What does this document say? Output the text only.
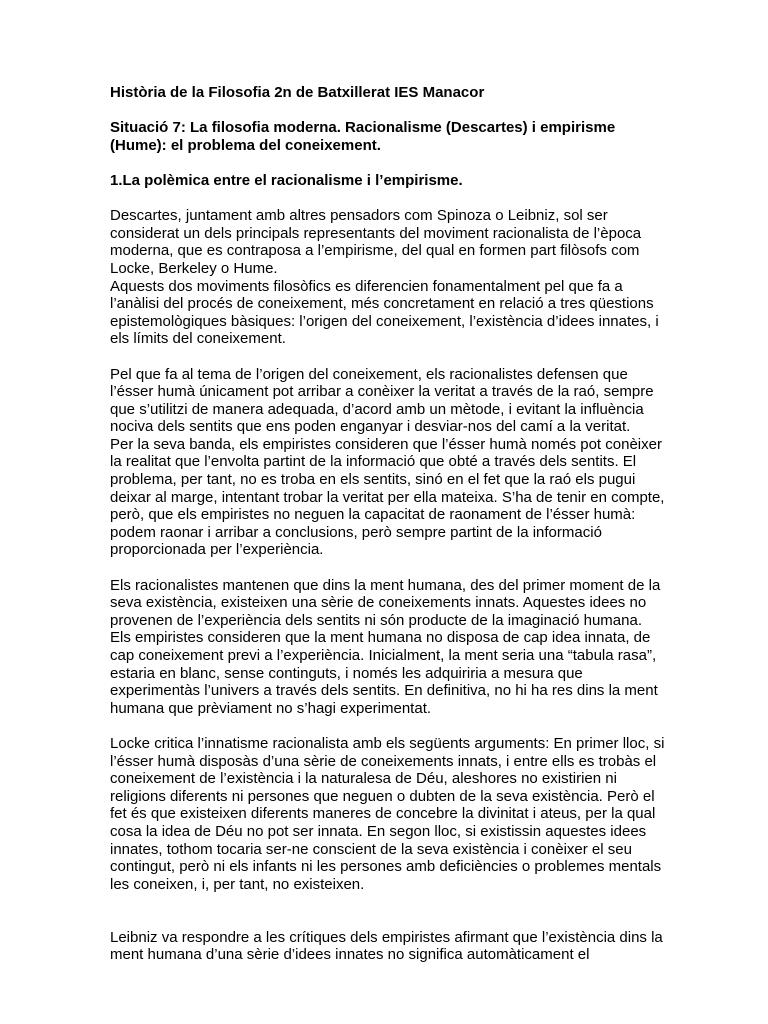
Història de la Filosofia 2n de Batxillerat IES Manacor

Situació 7: La filosofia moderna. Racionalisme (Descartes) i empirisme (Hume): el problema del coneixement.

1.La polèmica entre el racionalisme i l’empirisme.

Descartes, juntament amb altres pensadors com Spinoza o Leibniz, sol ser considerat un dels principals representants del moviment racionalista de l’època moderna, que es contraposa a l’empirisme, del qual en formen part filòsofs com Locke, Berkeley o Hume.

Aquests dos moviments filosòfics es diferencien fonamentalment pel que fa a l’anàlisi del procés de coneixement, més concretament en relació a tres qüestions epistemològiques bàsiques: l’origen del coneixement, l’existència d’idees innates, i els límits del coneixement.

Pel que fa al tema de l’origen del coneixement, els racionalistes defensen que l’ésser humà únicament pot arribar a conèixer la veritat a través de la raó, sempre que s’utilitzi de manera adequada, d’acord amb un mètode, i evitant la influència nociva dels sentits que ens poden enganyar i desviar-nos del camí a la veritat.

Per la seva banda, els empiristes consideren que l’ésser humà només pot conèixer la realitat que l’envolta partint de la informació que obté a través dels sentits. El problema, per tant, no es troba en els sentits, sinó en el fet que la raó els pugui deixar al marge, intentant trobar la veritat per ella mateixa. S’ha de tenir en compte, però, que els empiristes no neguen la capacitat de raonament de l’ésser humà: podem raonar i arribar a conclusions, però sempre partint de la informació proporcionada per l’experiència.

Els racionalistes mantenen que dins la ment humana, des del primer moment de la seva existència, existeixen una sèrie de coneixements innats. Aquestes idees no provenen de l’experiència dels sentits ni són producte de la imaginació humana.

Els empiristes consideren que la ment humana no disposa de cap idea innata, de cap coneixement previ a l’experiència. Inicialment, la ment seria una “tabula rasa”, estaria en blanc, sense continguts, i només les adquiriria a mesura que experimentàs l’univers a través dels sentits. En definitiva, no hi ha res dins la ment humana que prèviament no s’hagi experimentat.

Locke critica l’innatisme racionalista amb els següents arguments: En primer lloc, si l’ésser humà disposàs d’una sèrie de coneixements innats, i entre ells es trobàs el coneixement de l’existència i la naturalesa de Déu, aleshores no existirien ni religions diferents ni persones que neguen o dubten de la seva existència. Però el fet és que existeixen diferents maneres de concebre la divinitat i ateus, per la qual cosa la idea de Déu no pot ser innata. En segon lloc, si existissin aquestes idees innates, tothom tocaria ser-ne conscient de la seva existència i conèixer el seu contingut, però ni els infants ni les persones amb deficiències o problemes mentals les coneixen, i, per tant, no existeixen.

Leibniz va respondre a les crítiques dels empiristes afirmant que l’existència dins la ment humana d’una sèrie d’idees innates no significa automàticament el
